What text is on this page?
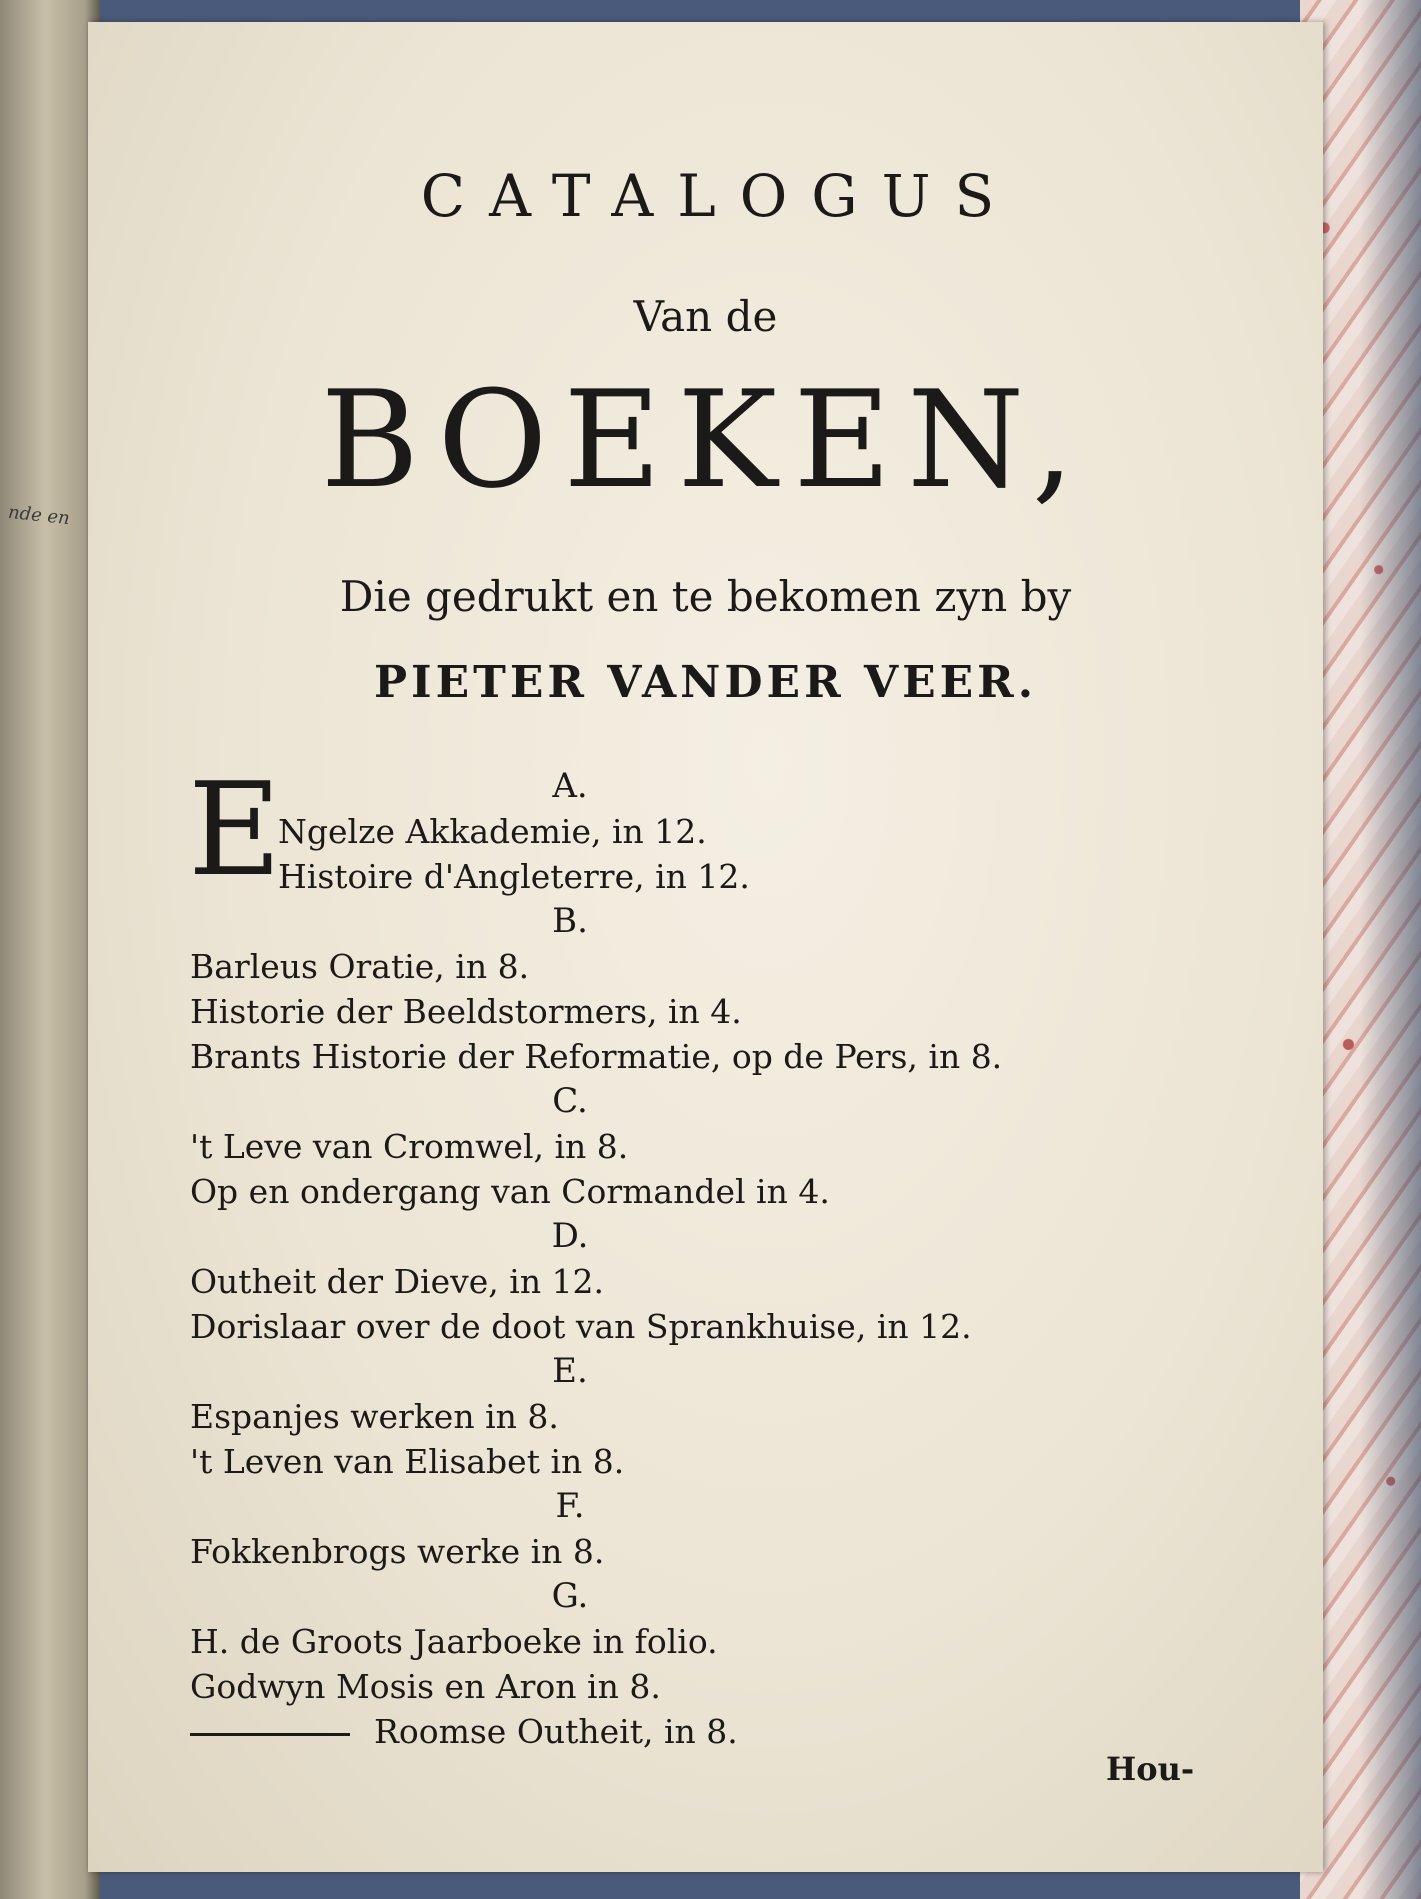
nde en
CATALOGUS
Van de
BOEKEN,
Die gedrukt en te bekomen zyn by
PIETER VANDER VEER.
E	A.
Ngelze Akkademie, in 12.
Histoire d'Angleterre, in 12.
B.
Barleus Oratie, in 8.
Historie der Beeldstormers, in 4.
Brants Historie der Reformatie, op de Pers, in 8.
C.
't Leve van Cromwel, in 8.
Op en ondergang van Cormandel in 4.
D.
Outheit der Dieve, in 12.
Dorislaar over de doot van Sprankhuise, in 12.
E.
Espanjes werken in 8.
't Leven van Elisabet in 8.
F.
Fokkenbrogs werke in 8.
G.
H. de Groots Jaarboeke in folio.
Godwyn Mosis en Aron in 8.
Roomse Outheit, in 8.
Hou-
